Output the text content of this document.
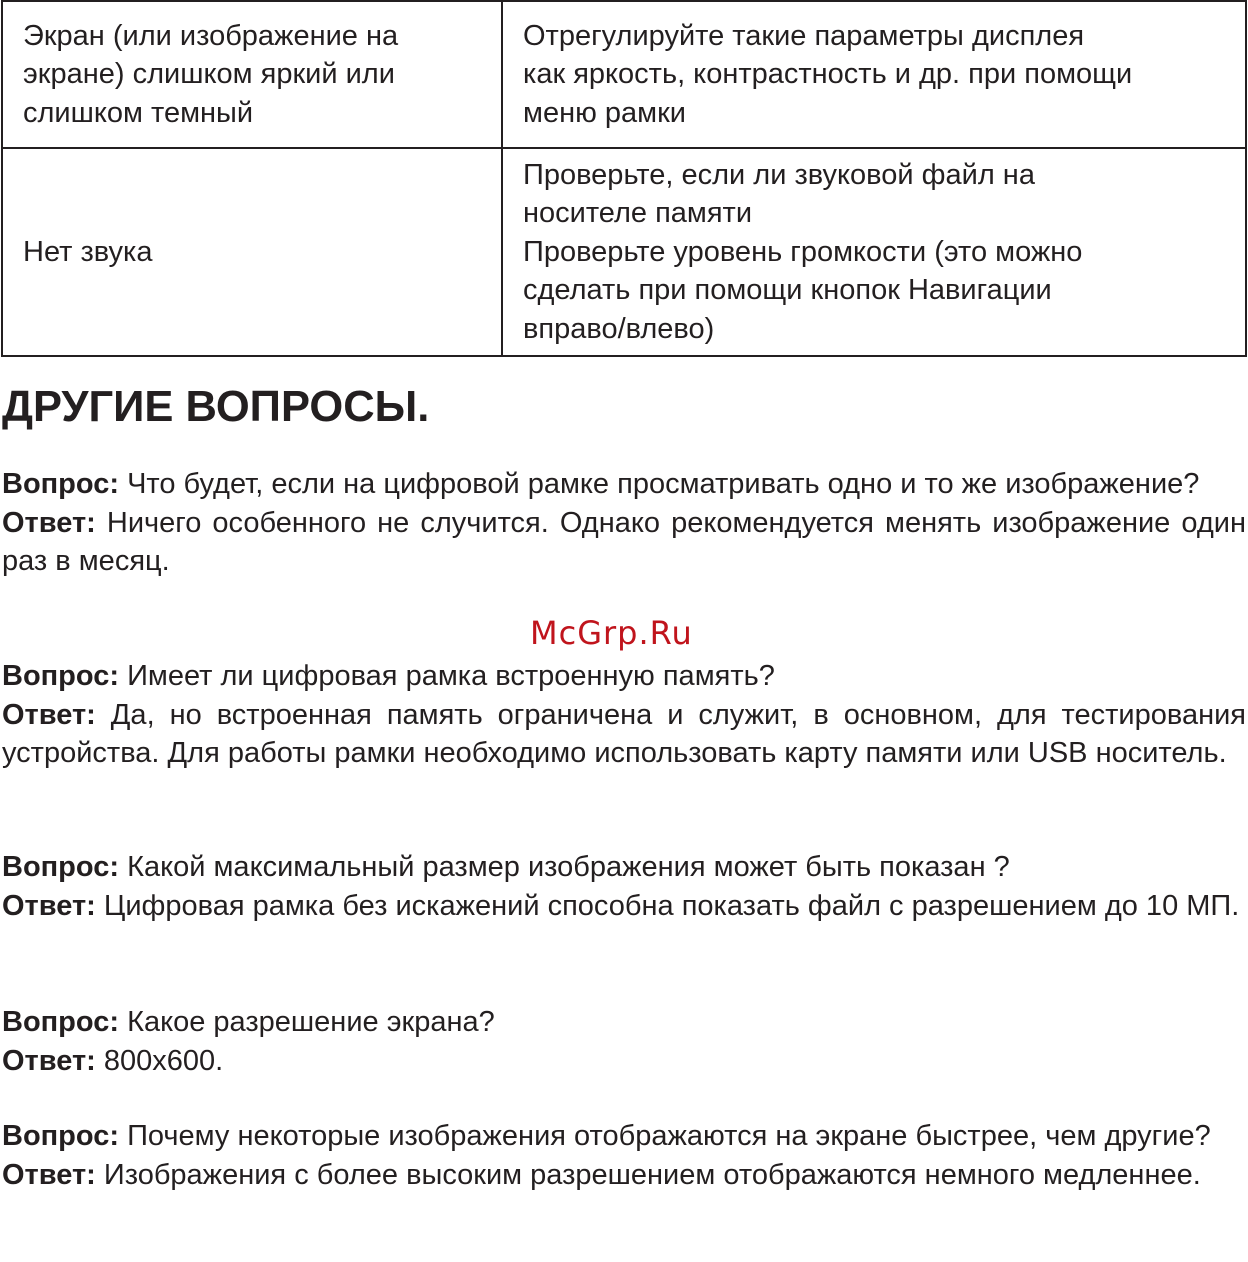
Экран (или изображение на
экране) слишком яркий или
слишком темный	Отрегулируйте такие параметры дисплея
как яркость, контрастность и др. при помощи
меню рамки

Нет звука	Проверьте, если ли звуковой файл на
носителе памяти
Проверьте уровень громкости (это можно
сделать при помощи кнопок Навигации
вправо/влево)
ДРУГИЕ ВОПРОСЫ.

Вопрос: Что будет, если на цифровой рамке просматривать одно и то же изображение?

Ответ: Ничего особенного не случится. Однако рекомендуется менять изображение один раз в месяц.

McGrp.Ru

Вопрос: Имеет ли цифровая рамка встроенную память?

Ответ: Да, но встроенная память ограничена и служит, в основном, для тестирования устройства. Для работы рамки необходимо использовать карту памяти или USB носитель.

Вопрос: Какой максимальный размер изображения может быть показан ?

Ответ: Цифровая рамка без искажений способна показать файл с разрешением до 10 МП.

Вопрос: Какое разрешение экрана?

Ответ: 800x600.

Вопрос: Почему некоторые изображения отображаются на экране быстрее, чем другие?

Ответ: Изображения с более высоким разрешением отображаются немного медленнее.
